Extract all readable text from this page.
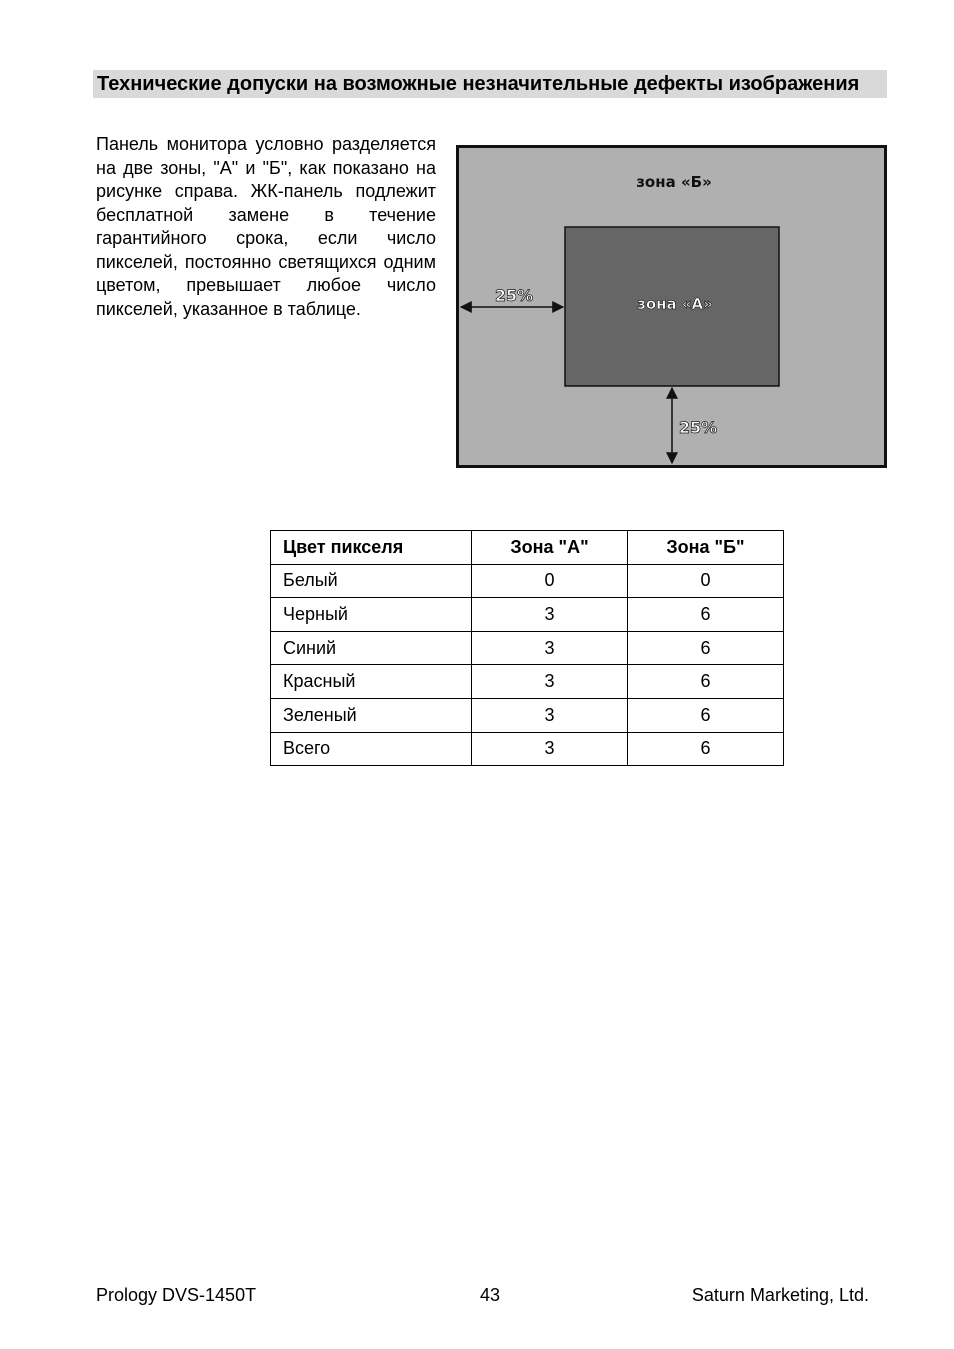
Технические допуски на возможные незначительные дефекты изображения
Панель монитора условно разделяется на две зоны, "А" и "Б", как показано на рисунке справа. ЖК-панель подлежит бесплатной замене в течение гарантийного срока, если число пикселей, постоянно светящихся одним цветом, превышает любое число пикселей, указанное в таблице.
зона «Б»
зона «А»
25%
25%
Цвет пикселя	Зона "А"	Зона "Б"
Белый	0	0
Черный	3	6
Синий	3	6
Красный	3	6
Зеленый	3	6
Всего	3	6
Prology DVS-1450T	43	Saturn Marketing, Ltd.
